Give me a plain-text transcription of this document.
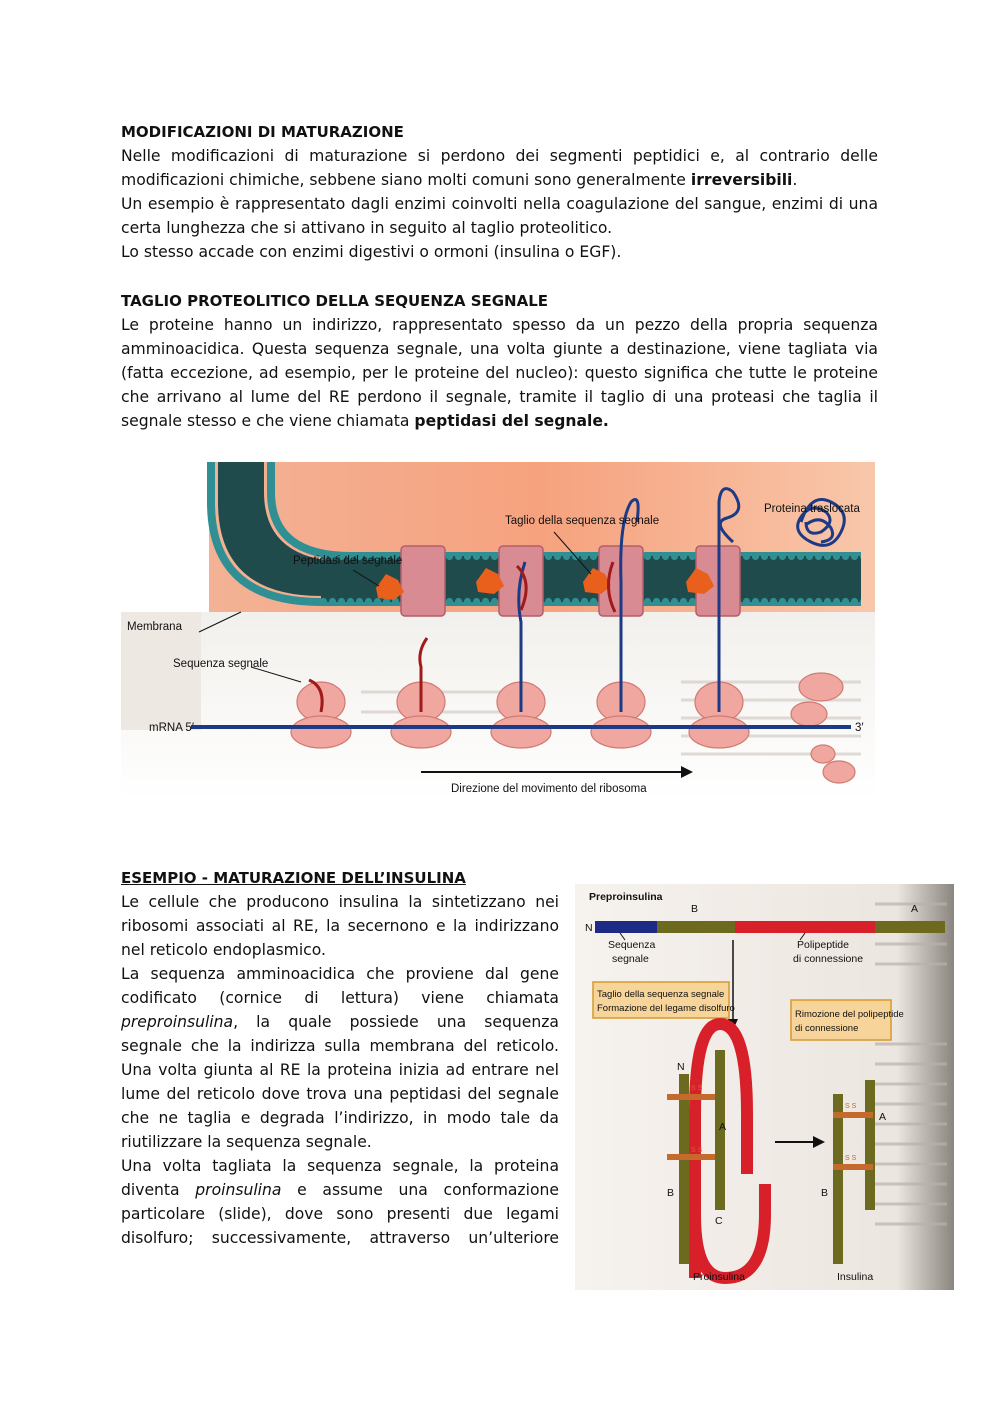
MODIFICAZIONI DI MATURAZIONE
Nelle modificazioni di maturazione si perdono dei segmenti peptidici e, al contrario delle
modificazioni chimiche, sebbene siano molti comuni sono generalmente irreversibili.
Un esempio è rappresentato dagli enzimi coinvolti nella coagulazione del sangue, enzimi di una
certa lunghezza che si attivano in seguito al taglio proteolitico.
Lo stesso accade con enzimi digestivi o ormoni (insulina o EGF).
TAGLIO PROTEOLITICO DELLA SEQUENZA SEGNALE
Le proteine hanno un indirizzo, rappresentato spesso da un pezzo della propria sequenza
amminoacidica. Questa sequenza segnale, una volta giunte a destinazione, viene tagliata via
(fatta eccezione, ad esempio, per le proteine del nucleo): questo significa che tutte le proteine
che arrivano al lume del RE perdono il segnale, tramite il taglio di una proteasi che taglia il
segnale stesso e che viene chiamata peptidasi del segnale.
Peptidasi del segnale
Taglio della sequenza segnale
Proteina traslocata
Membrana
Sequenza segnale
mRNA 5′	3′
Direzione del movimento del ribosoma
ESEMPIO - MATURAZIONE DELL’INSULINA
Le cellule che producono insulina la sintetizzano nei
ribosomi associati al RE, la secernono e la indirizzano
nel reticolo endoplasmico.
La sequenza amminoacidica che proviene dal gene
codificato (cornice di lettura) viene chiamata
preproinsulina, la quale possiede una sequenza
segnale che la indirizza sulla membrana del reticolo.
Una volta giunta al RE la proteina inizia ad entrare nel
lume del reticolo dove trova una peptidasi del segnale
che ne taglia e degrada l’indirizzo, in modo tale da
riutilizzare la sequenza segnale.
Una volta tagliata la sequenza segnale, la proteina
diventa proinsulina e assume una conformazione
particolare (slide), dove sono presenti due legami
disolfuro; successivamente, attraverso un’ulteriore
Preproinsulina
B	A
N
Sequenza
segnale
Polipeptide
di connessione
Taglio della sequenza segnale
Formazione del legame disolfuro
Rimozione del polipeptide
di connessione
N
A
B
C
Proinsulina	Insulina
A
B
S S
S S
S S
S S
